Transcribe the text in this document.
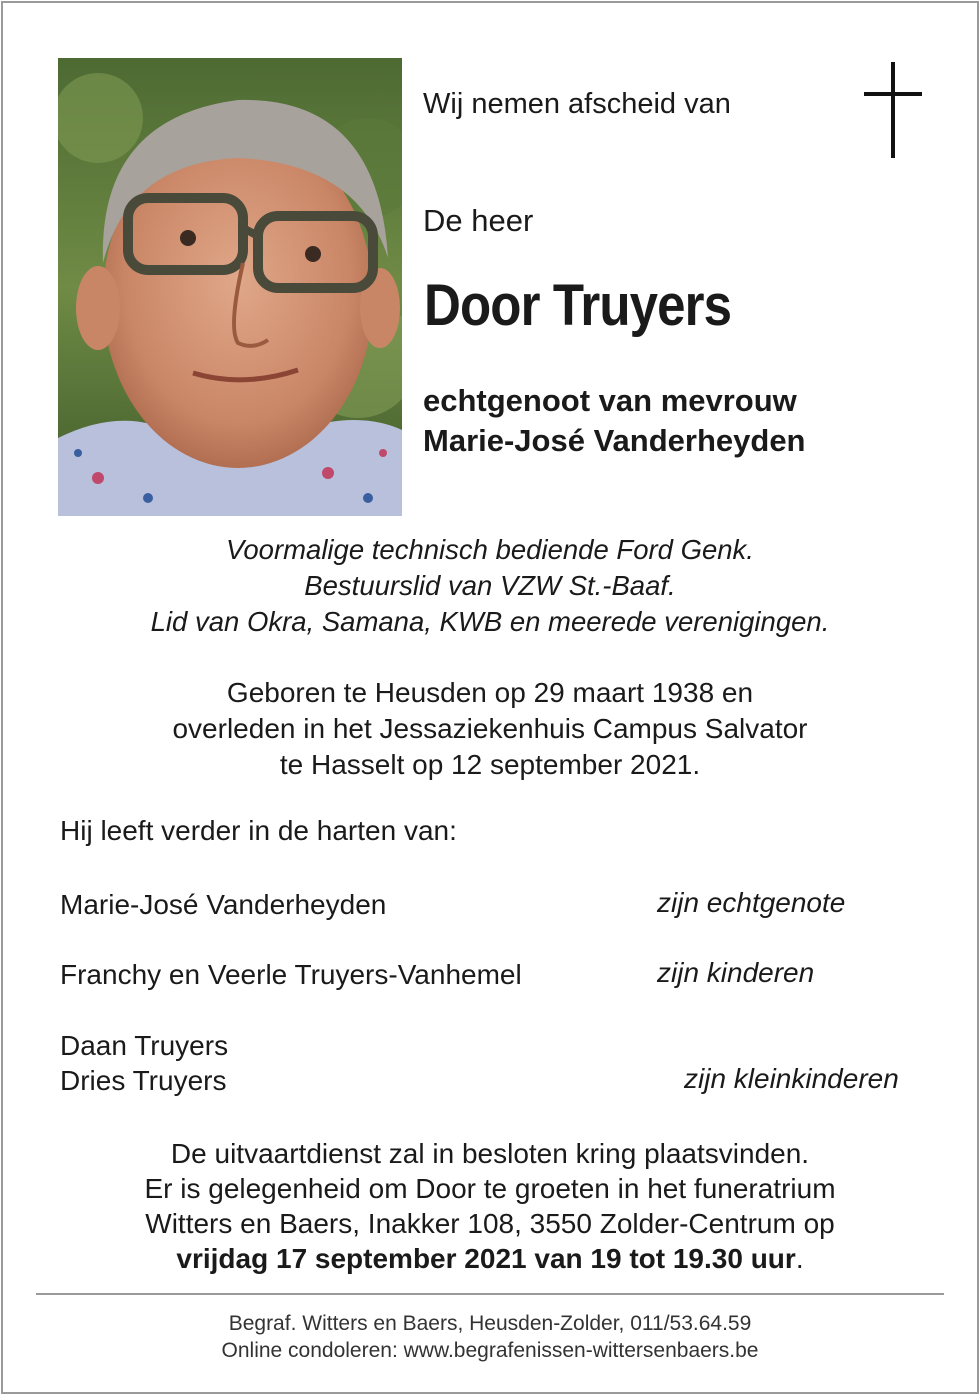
Wij nemen afscheid van
De heer
Door Truyers
echtgenoot van mevrouw
Marie-José Vanderheyden
Voormalige technisch bediende Ford Genk.
Bestuurslid van VZW St.-Baaf.
Lid van Okra, Samana, KWB en meerede verenigingen.
Geboren te Heusden op 29 maart 1938 en
overleden in het Jessaziekenhuis Campus Salvator
te Hasselt op 12 september 2021.
Hij leeft verder in de harten van:
Marie-José Vanderheyden	zijn echtgenote
Franchy en Veerle Truyers-Vanhemel	zijn kinderen
Daan Truyers
Dries Truyers	zijn kleinkinderen
De uitvaartdienst zal in besloten kring plaatsvinden.
Er is gelegenheid om Door te groeten in het funeratrium
Witters en Baers, Inakker 108, 3550 Zolder-Centrum op
vrijdag 17 september 2021 van 19 tot 19.30 uur.
Begraf. Witters en Baers, Heusden-Zolder, 011/53.64.59
Online condoleren: www.begrafenissen-wittersenbaers.be
